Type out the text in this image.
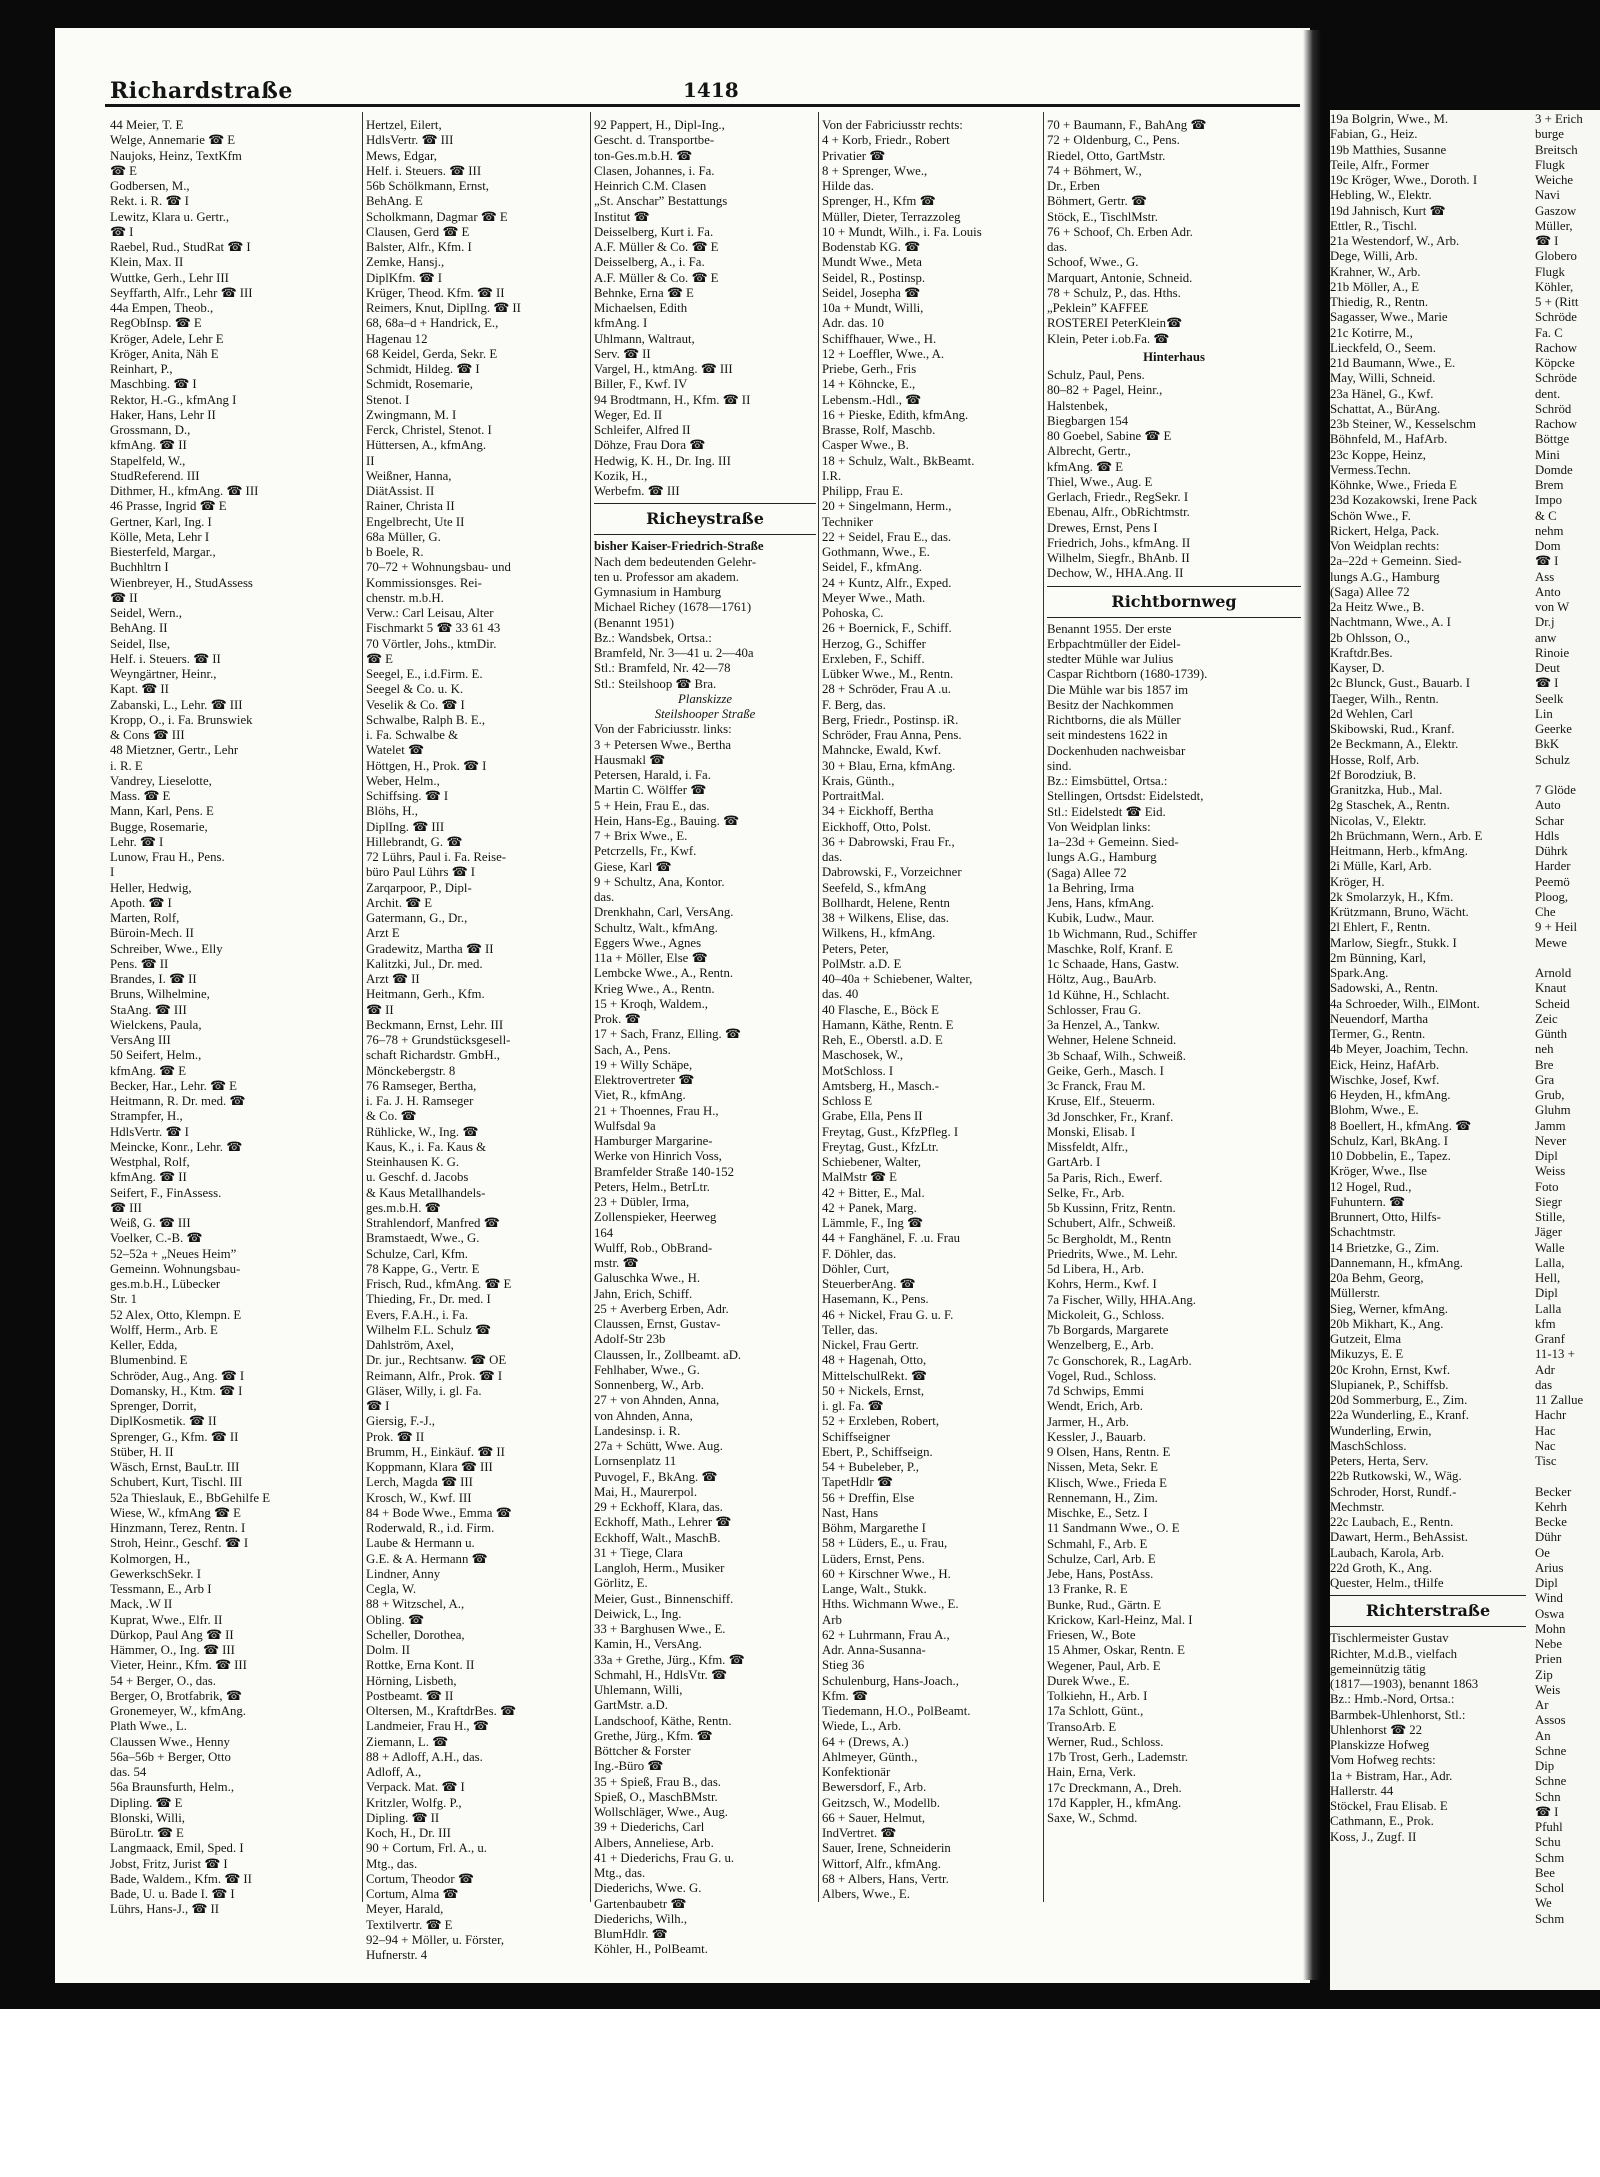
Richardstraße	1418
44 Meier, T. E
Welge, Annemarie ☎ E
Naujoks, Heinz, TextKfm
☎ E
Godbersen, M.,
Rekt. i. R. ☎ I
Lewitz, Klara u. Gertr.,
☎ I
Raebel, Rud., StudRat ☎ I
Klein, Max. II
Wuttke, Gerh., Lehr III
Seyffarth, Alfr., Lehr ☎ III
44a Empen, Theob.,
RegObInsp. ☎ E
Kröger, Adele, Lehr E
Kröger, Anita, Näh E
Reinhart, P.,
Maschbing. ☎ I
Rektor, H.-G., kfmAng I
Haker, Hans, Lehr II
Grossmann, D.,
kfmAng. ☎ II
Stapelfeld, W.,
StudReferend. III
Dithmer, H., kfmAng. ☎ III
46 Prasse, Ingrid ☎ E
Gertner, Karl, Ing. I
Kölle, Meta, Lehr I
Biesterfeld, Margar.,
Buchhltrn I
Wienbreyer, H., StudAssess
☎ II
Seidel, Wern.,
BehAng. II
Seidel, Ilse,
Helf. i. Steuers. ☎ II
Weyngärtner, Heinr.,
Kapt. ☎ II
Zabanski, L., Lehr. ☎ III
Kropp, O., i. Fa. Brunswiek
& Cons ☎ III
48 Mietzner, Gertr., Lehr
i. R. E
Vandrey, Lieselotte,
Mass. ☎ E
Mann, Karl, Pens. E
Bugge, Rosemarie,
Lehr. ☎ I
Lunow, Frau H., Pens.
I
Heller, Hedwig,
Apoth. ☎ I
Marten, Rolf,
Büroin-Mech. II
Schreiber, Wwe., Elly
Pens. ☎ II
Brandes, I. ☎ II
Bruns, Wilhelmine,
StaAng. ☎ III
Wielckens, Paula,
VersAng III
50 Seifert, Helm.,
kfmAng. ☎ E
Becker, Har., Lehr. ☎ E
Heitmann, R. Dr. med. ☎
Strampfer, H.,
HdlsVertr. ☎ I
Meincke, Konr., Lehr. ☎
Westphal, Rolf,
kfmAng. ☎ II
Seifert, F., FinAssess.
☎ III
Weiß, G. ☎ III
Voelker, C.-B. ☎
52–52a + „Neues Heim”
Gemeinn. Wohnungsbau-
ges.m.b.H., Lübecker
Str. 1
52 Alex, Otto, Klempn. E
Wolff, Herm., Arb. E
Keller, Edda,
Blumenbind. E
Schröder, Aug., Ang. ☎ I
Domansky, H., Ktm. ☎ I
Sprenger, Dorrit,
DiplKosmetik. ☎ II
Sprenger, G., Kfm. ☎ II
Stüber, H. II
Wäsch, Ernst, BauLtr. III
Schubert, Kurt, Tischl. III
52a Thieslauk, E., BbGehilfe E
Wiese, W., kfmAng ☎ E
Hinzmann, Terez, Rentn. I
Stroh, Heinr., Geschf. ☎ I
Kolmorgen, H.,
GewerkschSekr. I
Tessmann, E., Arb I
Mack, .W II
Kuprat, Wwe., Elfr. II
Dürkop, Paul Ang ☎ II
Hämmer, O., Ing. ☎ III
Vieter, Heinr., Kfm. ☎ III
54 + Berger, O., das.
Berger, O, Brotfabrik, ☎
Gronemeyer, W., kfmAng.
Plath Wwe., L.
Claussen Wwe., Henny
56a–56b + Berger, Otto
das. 54
56a Braunsfurth, Helm.,
Dipling. ☎ E
Blonski, Willi,
BüroLtr. ☎ E
Langmaack, Emil, Sped. I
Jobst, Fritz, Jurist ☎ I
Bade, Waldem., Kfm. ☎ II
Bade, U. u. Bade I. ☎ I
Lührs, Hans-J., ☎ II
Hertzel, Eilert,
HdlsVertr. ☎ III
Mews, Edgar,
Helf. i. Steuers. ☎ III
56b Schölkmann, Ernst,
BehAng. E
Scholkmann, Dagmar ☎ E
Clausen, Gerd ☎ E
Balster, Alfr., Kfm. I
Zemke, Hansj.,
DiplKfm. ☎ I
Krüger, Theod. Kfm. ☎ II
Reimers, Knut, DiplIng. ☎ II
68, 68a–d + Handrick, E.,
Hagenau 12
68 Keidel, Gerda, Sekr. E
Schmidt, Hildeg. ☎ I
Schmidt, Rosemarie,
Stenot. I
Zwingmann, M. I
Ferck, Christel, Stenot. I
Hüttersen, A., kfmAng.
II
Weißner, Hanna,
DiätAssist. II
Rainer, Christa II
Engelbrecht, Ute II
68a Müller, G.
b Boele, R.
70–72 + Wohnungsbau- und
Kommissionsges. Rei-
chenstr. m.b.H.
Verw.: Carl Leisau, Alter
Fischmarkt 5 ☎ 33 61 43
70 Vörtler, Johs., ktmDir.
☎ E
Seegel, E., i.d.Firm. E.
Seegel & Co. u. K.
Veselik & Co. ☎ I
Schwalbe, Ralph B. E.,
i. Fa. Schwalbe &
Watelet ☎
Höttgen, H., Prok. ☎ I
Weber, Helm.,
Schiffsing. ☎ I
Blöhs, H.,
DiplIng. ☎ III
Hillebrandt, G. ☎
72 Lührs, Paul i. Fa. Reise-
büro Paul Lührs ☎ I
Zarqarpoor, P., Dipl-
Archit. ☎ E
Gatermann, G., Dr.,
Arzt E
Gradewitz, Martha ☎ II
Kalitzki, Jul., Dr. med.
Arzt ☎ II
Heitmann, Gerh., Kfm.
☎ II
Beckmann, Ernst, Lehr. III
76–78 + Grundstücksgesell-
schaft Richardstr. GmbH.,
Mönckebergstr. 8
76 Ramseger, Bertha,
i. Fa. J. H. Ramseger
& Co. ☎
Rühlicke, W., Ing. ☎
Kaus, K., i. Fa. Kaus &
Steinhausen K. G.
u. Geschf. d. Jacobs
& Kaus Metallhandels-
ges.m.b.H. ☎
Strahlendorf, Manfred ☎
Bramstaedt, Wwe., G.
Schulze, Carl, Kfm.
78 Kappe, G., Vertr. E
Frisch, Rud., kfmAng. ☎ E
Thieding, Fr., Dr. med. I
Evers, F.A.H., i. Fa.
Wilhelm F.L. Schulz ☎
Dahlström, Axel,
Dr. jur., Rechtsanw. ☎ OE
Reimann, Alfr., Prok. ☎ I
Gläser, Willy, i. gl. Fa.
☎ I
Giersig, F.-J.,
Prok. ☎ II
Brumm, H., Einkäuf. ☎ II
Koppmann, Klara ☎ III
Lerch, Magda ☎ III
Krosch, W., Kwf. III
84 + Bode Wwe., Emma ☎
Roderwald, R., i.d. Firm.
Laube & Hermann u.
G.E. & A. Hermann ☎
Lindner, Anny
Cegla, W.
88 + Witzschel, A.,
Obling. ☎
Scheller, Dorothea,
Dolm. II
Rottke, Erna Kont. II
Hörning, Lisbeth,
Postbeamt. ☎ II
Oltersen, M., KraftdrBes. ☎
Landmeier, Frau H., ☎
Ziemann, L. ☎
88 + Adloff, A.H., das.
Adloff, A.,
Verpack. Mat. ☎ I
Kritzler, Wolfg. P.,
Dipling. ☎ II
Koch, H., Dr. III
90 + Cortum, Frl. A., u.
Mtg., das.
Cortum, Theodor ☎
Cortum, Alma ☎
Meyer, Harald,
Textilvertr. ☎ E
92–94 + Möller, u. Förster,
Hufnerstr. 4
92 Pappert, H., Dipl-Ing.,
Gescht. d. Transportbe-
ton-Ges.m.b.H. ☎
Clasen, Johannes, i. Fa.
Heinrich C.M. Clasen
„St. Anschar” Bestattungs
Institut ☎
Deisselberg, Kurt i. Fa.
A.F. Müller & Co. ☎ E
Deisselberg, A., i. Fa.
A.F. Müller & Co. ☎ E
Behnke, Erna ☎ E
Michaelsen, Edith
kfmAng. I
Uhlmann, Waltraut,
Serv. ☎ II
Vargel, H., ktmAng. ☎ III
Biller, F., Kwf. IV
94 Brodtmann, H., Kfm. ☎ II
Weger, Ed. II
Schleifer, Alfred II
Döhze, Frau Dora ☎
Hedwig, K. H., Dr. Ing. III
Kozik, H.,
Werbefm. ☎ III
Richeystraße
bisher Kaiser-Friedrich-Straße
Nach dem bedeutenden Gelehr-
ten u. Professor am akadem.
Gymnasium in Hamburg
Michael Richey (1678—1761)
(Benannt 1951)
Bz.: Wandsbek, Ortsa.:
Bramfeld, Nr. 3—41 u. 2—40a
Stl.: Bramfeld, Nr. 42—78
Stl.: Steilshoop ☎ Bra.
Planskizze
Steilshooper Straße
Von der Fabriciusstr. links:
3 + Petersen Wwe., Bertha
Hausmakl ☎
Petersen, Harald, i. Fa.
Martin C. Wölffer ☎
5 + Hein, Frau E., das.
Hein, Hans-Eg., Bauing. ☎
7 + Brix Wwe., E.
Petcrzells, Fr., Kwf.
Giese, Karl ☎
9 + Schultz, Ana, Kontor.
das.
Drenkhahn, Carl, VersAng.
Schultz, Walt., kfmAng.
Eggers Wwe., Agnes
11a + Möller, Else ☎
Lembcke Wwe., A., Rentn.
Krieg Wwe., A., Rentn.
15 + Kroqh, Waldem.,
Prok. ☎
17 + Sach, Franz, Elling. ☎
Sach, A., Pens.
19 + Willy Schäpe,
Elektrovertreter ☎
Viet, R., kfmAng.
21 + Thoennes, Frau H.,
Wulfsdal 9a
Hamburger Margarine-
Werke von Hinrich Voss,
Bramfelder Straße 140-152
Peters, Helm., BetrLtr.
23 + Dübler, Irma,
Zollenspieker, Heerweg
164
Wulff, Rob., ObBrand-
mstr. ☎
Galuschka Wwe., H.
Jahn, Erich, Schiff.
25 + Averberg Erben, Adr.
Claussen, Ernst, Gustav-
Adolf-Str 23b
Claussen, Ir., Zollbeamt. aD.
Fehlhaber, Wwe., G.
Sonnenberg, W., Arb.
27 + von Ahnden, Anna,
von Ahnden, Anna,
Landesinsp. i. R.
27a + Schütt, Wwe. Aug.
Lornsenplatz 11
Puvogel, F., BkAng. ☎
Mai, H., Maurerpol.
29 + Eckhoff, Klara, das.
Eckhoff, Math., Lehrer ☎
Eckhoff, Walt., MaschB.
31 + Tiege, Clara
Langloh, Herm., Musiker
Görlitz, E.
Meier, Gust., Binnenschiff.
Deiwick, L., Ing.
33 + Barghusen Wwe., E.
Kamin, H., VersAng.
33a + Grethe, Jürg., Kfm. ☎
Schmahl, H., HdlsVtr. ☎
Uhlemann, Willi,
GartMstr. a.D.
Landschoof, Käthe, Rentn.
Grethe, Jürg., Kfm. ☎
Böttcher & Forster
Ing.-Büro ☎
35 + Spieß, Frau B., das.
Spieß, O., MaschBMstr.
Wollschläger, Wwe., Aug.
39 + Diederichs, Carl
Albers, Anneliese, Arb.
41 + Diederichs, Frau G. u.
Mtg., das.
Diederichs, Wwe. G.
Gartenbaubetr ☎
Diederichs, Wilh.,
BlumHdlr. ☎
Köhler, H., PolBeamt.
Von der Fabriciusstr rechts:
4 + Korb, Friedr., Robert
Privatier ☎
8 + Sprenger, Wwe.,
Hilde das.
Sprenger, H., Kfm ☎
Müller, Dieter, Terrazzoleg
10 + Mundt, Wilh., i. Fa. Louis
Bodenstab KG. ☎
Mundt Wwe., Meta
Seidel, R., Postinsp.
Seidel, Josepha ☎
10a + Mundt, Willi,
Adr. das. 10
Schiffhauer, Wwe., H.
12 + Loeffler, Wwe., A.
Priebe, Gerh., Fris
14 + Köhncke, E.,
Lebensm.-Hdl., ☎
16 + Pieske, Edith, kfmAng.
Brasse, Rolf, Maschb.
Casper Wwe., B.
18 + Schulz, Walt., BkBeamt.
I.R.
Philipp, Frau E.
20 + Singelmann, Herm.,
Techniker
22 + Seidel, Frau E., das.
Gothmann, Wwe., E.
Seidel, F., kfmAng.
24 + Kuntz, Alfr., Exped.
Meyer Wwe., Math.
Pohoska, C.
26 + Boernick, F., Schiff.
Herzog, G., Schiffer
Erxleben, F., Schiff.
Lübker Wwe., M., Rentn.
28 + Schröder, Frau A .u.
F. Berg, das.
Berg, Friedr., Postinsp. iR.
Schröder, Frau Anna, Pens.
Mahncke, Ewald, Kwf.
30 + Blau, Erna, kfmAng.
Krais, Günth.,
PortraitMal.
34 + Eickhoff, Bertha
Eickhoff, Otto, Polst.
36 + Dabrowski, Frau Fr.,
das.
Dabrowski, F., Vorzeichner
Seefeld, S., kfmAng
Bollhardt, Helene, Rentn
38 + Wilkens, Elise, das.
Wilkens, H., kfmAng.
Peters, Peter,
PolMstr. a.D. E
40–40a + Schiebener, Walter,
das. 40
40 Flasche, E., Böck E
Hamann, Käthe, Rentn. E
Reh, E., Oberstl. a.D. E
Maschosek, W.,
MotSchloss. I
Amtsberg, H., Masch.-
Schloss E
Grabe, Ella, Pens II
Freytag, Gust., KfzPfleg. I
Freytag, Gust., KfzLtr.
Schiebener, Walter,
MalMstr ☎ E
42 + Bitter, E., Mal.
42 + Panek, Marg.
Lämmle, F., Ing ☎
44 + Fanghänel, F. .u. Frau
F. Döhler, das.
Döhler, Curt,
SteuerberAng. ☎
Hasemann, K., Pens.
46 + Nickel, Frau G. u. F.
Teller, das.
Nickel, Frau Gertr.
48 + Hagenah, Otto,
MittelschulRekt. ☎
50 + Nickels, Ernst,
i. gl. Fa. ☎
52 + Erxleben, Robert,
Schiffseigner
Ebert, P., Schiffseign.
54 + Bubeleber, P.,
TapetHdlr ☎
56 + Dreffin, Else
Nast, Hans
Böhm, Margarethe I
58 + Lüders, E., u. Frau,
Lüders, Ernst, Pens.
60 + Kirschner Wwe., H.
Lange, Walt., Stukk.
Hths. Wichmann Wwe., E.
Arb
62 + Luhrmann, Frau A.,
Adr. Anna-Susanna-
Stieg 36
Schulenburg, Hans-Joach.,
Kfm. ☎
Tiedemann, H.O., PolBeamt.
Wiede, L., Arb.
64 + (Drews, A.)
Ahlmeyer, Günth.,
Konfektionär
Bewersdorf, F., Arb.
Geitzsch, W., Modellb.
66 + Sauer, Helmut,
IndVertret. ☎
Sauer, Irene, Schneiderin
Wittorf, Alfr., kfmAng.
68 + Albers, Hans, Vertr.
Albers, Wwe., E.
70 + Baumann, F., BahAng ☎
72 + Oldenburg, C., Pens.
Riedel, Otto, GartMstr.
74 + Böhmert, W.,
Dr., Erben
Böhmert, Gertr. ☎
Stöck, E., TischlMstr.
76 + Schoof, Ch. Erben Adr.
das.
Schoof, Wwe., G.
Marquart, Antonie, Schneid.
78 + Schulz, P., das. Hths.
„Peklein” KAFFEE
ROSTEREI PeterKlein☎
Klein, Peter i.ob.Fa. ☎
Hinterhaus
Schulz, Paul, Pens.
80–82 + Pagel, Heinr.,
Halstenbek,
Biegbargen 154
80 Goebel, Sabine ☎ E
Albrecht, Gertr.,
kfmAng. ☎ E
Thiel, Wwe., Aug. E
Gerlach, Friedr., RegSekr. I
Ebenau, Alfr., ObRichtmstr.
Drewes, Ernst, Pens I
Friedrich, Johs., kfmAng. II
Wilhelm, Siegfr., BhAnb. II
Dechow, W., HHA.Ang. II
Richtbornweg
Benannt 1955. Der erste
Erbpachtmüller der Eidel-
stedter Mühle war Julius
Caspar Richtborn (1680-1739).
Die Mühle war bis 1857 im
Besitz der Nachkommen
Richtborns, die als Müller
seit mindestens 1622 in
Dockenhuden nachweisbar
sind.
Bz.: Eimsbüttel, Ortsa.:
Stellingen, Ortsdst: Eidelstedt,
Stl.: Eidelstedt ☎ Eid.
Von Weidplan links:
1a–23d + Gemeinn. Sied-
lungs A.G., Hamburg
(Saga) Allee 72
1a Behring, Irma
Jens, Hans, kfmAng.
Kubik, Ludw., Maur.
1b Wichmann, Rud., Schiffer
Maschke, Rolf, Kranf. E
1c Schaade, Hans, Gastw.
Höltz, Aug., BauArb.
1d Kühne, H., Schlacht.
Schlosser, Frau G.
3a Henzel, A., Tankw.
Wehner, Helene Schneid.
3b Schaaf, Wilh., Schweiß.
Geike, Gerh., Masch. I
3c Franck, Frau M.
Kruse, Elf., Steuerm.
3d Jonschker, Fr., Kranf.
Monski, Elisab. I
Missfeldt, Alfr.,
GartArb. I
5a Paris, Rich., Ewerf.
Selke, Fr., Arb.
5b Kussinn, Fritz, Rentn.
Schubert, Alfr., Schweiß.
5c Bergholdt, M., Rentn
Priedrits, Wwe., M. Lehr.
5d Libera, H., Arb.
Kohrs, Herm., Kwf. I
7a Fischer, Willy, HHA.Ang.
Mickoleit, G., Schloss.
7b Borgards, Margarete
Wenzelberg, E., Arb.
7c Gonschorek, R., LagArb.
Vogel, Rud., Schloss.
7d Schwips, Emmi
Wendt, Erich, Arb.
Jarmer, H., Arb.
Kessler, J., Bauarb.
9 Olsen, Hans, Rentn. E
Nissen, Meta, Sekr. E
Klisch, Wwe., Frieda E
Rennemann, H., Zim.
Mischke, E., Setz. I
11 Sandmann Wwe., O. E
Schmahl, F., Arb. E
Schulze, Carl, Arb. E
Jebe, Hans, PostAss.
13 Franke, R. E
Bunke, Rud., Gärtn. E
Krickow, Karl-Heinz, Mal. I
Friesen, W., Bote
15 Ahmer, Oskar, Rentn. E
Wegener, Paul, Arb. E
Durek Wwe., E.
Tolkiehn, H., Arb. I
17a Schlott, Günt.,
TransoArb. E
Werner, Rud., Schloss.
17b Trost, Gerh., Lademstr.
Hain, Erna, Verk.
17c Dreckmann, A., Dreh.
17d Kappler, H., kfmAng.
Saxe, W., Schmd.
19a Bolgrin, Wwe., M.
Fabian, G., Heiz.
19b Matthies, Susanne
Teile, Alfr., Former
19c Kröger, Wwe., Doroth. I
Hebling, W., Elektr.
19d Jahnisch, Kurt ☎
Ettler, R., Tischl.
21a Westendorf, W., Arb.
Dege, Willi, Arb.
Krahner, W., Arb.
21b Möller, A., E
Thiedig, R., Rentn.
Sagasser, Wwe., Marie
21c Kotirre, M.,
Lieckfeld, O., Seem.
21d Baumann, Wwe., E.
May, Willi, Schneid.
23a Hänel, G., Kwf.
Schattat, A., BürAng.
23b Steiner, W., Kesselschm
Böhnfeld, M., HafArb.
23c Koppe, Heinz,
Vermess.Techn.
Köhnke, Wwe., Frieda E
23d Kozakowski, Irene Pack
Schön Wwe., F.
Rickert, Helga, Pack.
Von Weidplan rechts:
2a–22d + Gemeinn. Sied-
lungs A.G., Hamburg
(Saga) Allee 72
2a Heitz Wwe., B.
Nachtmann, Wwe., A. I
2b Ohlsson, O.,
Kraftdr.Bes.
Kayser, D.
2c Blunck, Gust., Bauarb. I
Taeger, Wilh., Rentn.
2d Wehlen, Carl
Skibowski, Rud., Kranf.
2e Beckmann, A., Elektr.
Hosse, Rolf, Arb.
2f Borodziuk, B.
Granitzka, Hub., Mal.
2g Staschek, A., Rentn.
Nicolas, V., Elektr.
2h Brüchmann, Wern., Arb. E
Heitmann, Herb., kfmAng.
2i Mülle, Karl, Arb.
Kröger, H.
2k Smolarzyk, H., Kfm.
Krützmann, Bruno, Wächt.
2l Ehlert, F., Rentn.
Marlow, Siegfr., Stukk. I
2m Bünning, Karl,
Spark.Ang.
Sadowski, A., Rentn.
4a Schroeder, Wilh., ElMont.
Neuendorf, Martha
Termer, G., Rentn.
4b Meyer, Joachim, Techn.
Eick, Heinz, HafArb.
Wischke, Josef, Kwf.
6 Heyden, H., kfmAng.
Blohm, Wwe., E.
8 Boellert, H., kfmAng. ☎
Schulz, Karl, BkAng. I
10 Dobbelin, E., Tapez.
Kröger, Wwe., Ilse
12 Hogel, Rud.,
Fuhuntern. ☎
Brunnert, Otto, Hilfs-
Schachtmstr.
14 Brietzke, G., Zim.
Dannemann, H., kfmAng.
20a Behm, Georg,
Müllerstr.
Sieg, Werner, kfmAng.
20b Mikhart, K., Ang.
Gutzeit, Elma
Mikuzys, E. E
20c Krohn, Ernst, Kwf.
Slupianek, P., Schiffsb.
20d Sommerburg, E., Zim.
22a Wunderling, E., Kranf.
Wunderling, Erwin,
MaschSchloss.
Peters, Herta, Serv.
22b Rutkowski, W., Wäg.
Schroder, Horst, Rundf.-
Mechmstr.
22c Laubach, E., Rentn.
Dawart, Herm., BehAssist.
Laubach, Karola, Arb.
22d Groth, K., Ang.
Quester, Helm., tHilfe
Richterstraße
Tischlermeister Gustav
Richter, M.d.B., vielfach
gemeinnützig tätig
(1817—1903), benannt 1863
Bz.: Hmb.-Nord, Ortsa.:
Barmbek-Uhlenhorst, Stl.:
Uhlenhorst ☎ 22
Planskizze Hofweg
Vom Hofweg rechts:
1a + Bistram, Har., Adr.
Hallerstr. 44
Stöckel, Frau Elisab. E
Cathmann, E., Prok.
Koss, J., Zugf. II
3 + Erich
burge
Breitsch
Flugk
Weiche
Navi
Gaszow
Müller,
☎ I
Globero
Flugk
Köhler,
5 + (Ritt
Schröde
Fa. C
Rachow
Köpcke
Schröde
dent.
Schröd
Rachow
Böttge
Mini
Domde
Brem
Impo
& C
nehm
Dom
☎ I
Ass
Anto
von W
Dr.j
anw
Rinoie
Deut
☎ I
Seelk
Lin
Geerke
BkK
Schulz
7 Glöde
Auto
Schar
Hdls
Dührk
Harder
Peemö
Ploog,
Che
9 + Heil
Mewe
Arnold
Knaut
Scheid
Zeic
Günth
neh
Bre
Gra
Grub,
Gluhm
Jamm
Never
Dipl
Weiss
Foto
Siegr
Stille,
Jäger
Walle
Lalla,
Hell,
Dipl
Lalla
kfm
Granf
11-13 +
Adr
das
11 Zallue
Hachr
Hac
Nac
Tisc
Becker
Kehrh
Becke
Dühr
Oe
Arius
Dipl
Wind
Oswa
Mohn
Nebe
Prien
Zip
Weis
Ar
Assos
An
Schne
Dip
Schne
Schn
☎ I
Pfuhl
Schu
Schm
Bee
Schol
We
Schm
